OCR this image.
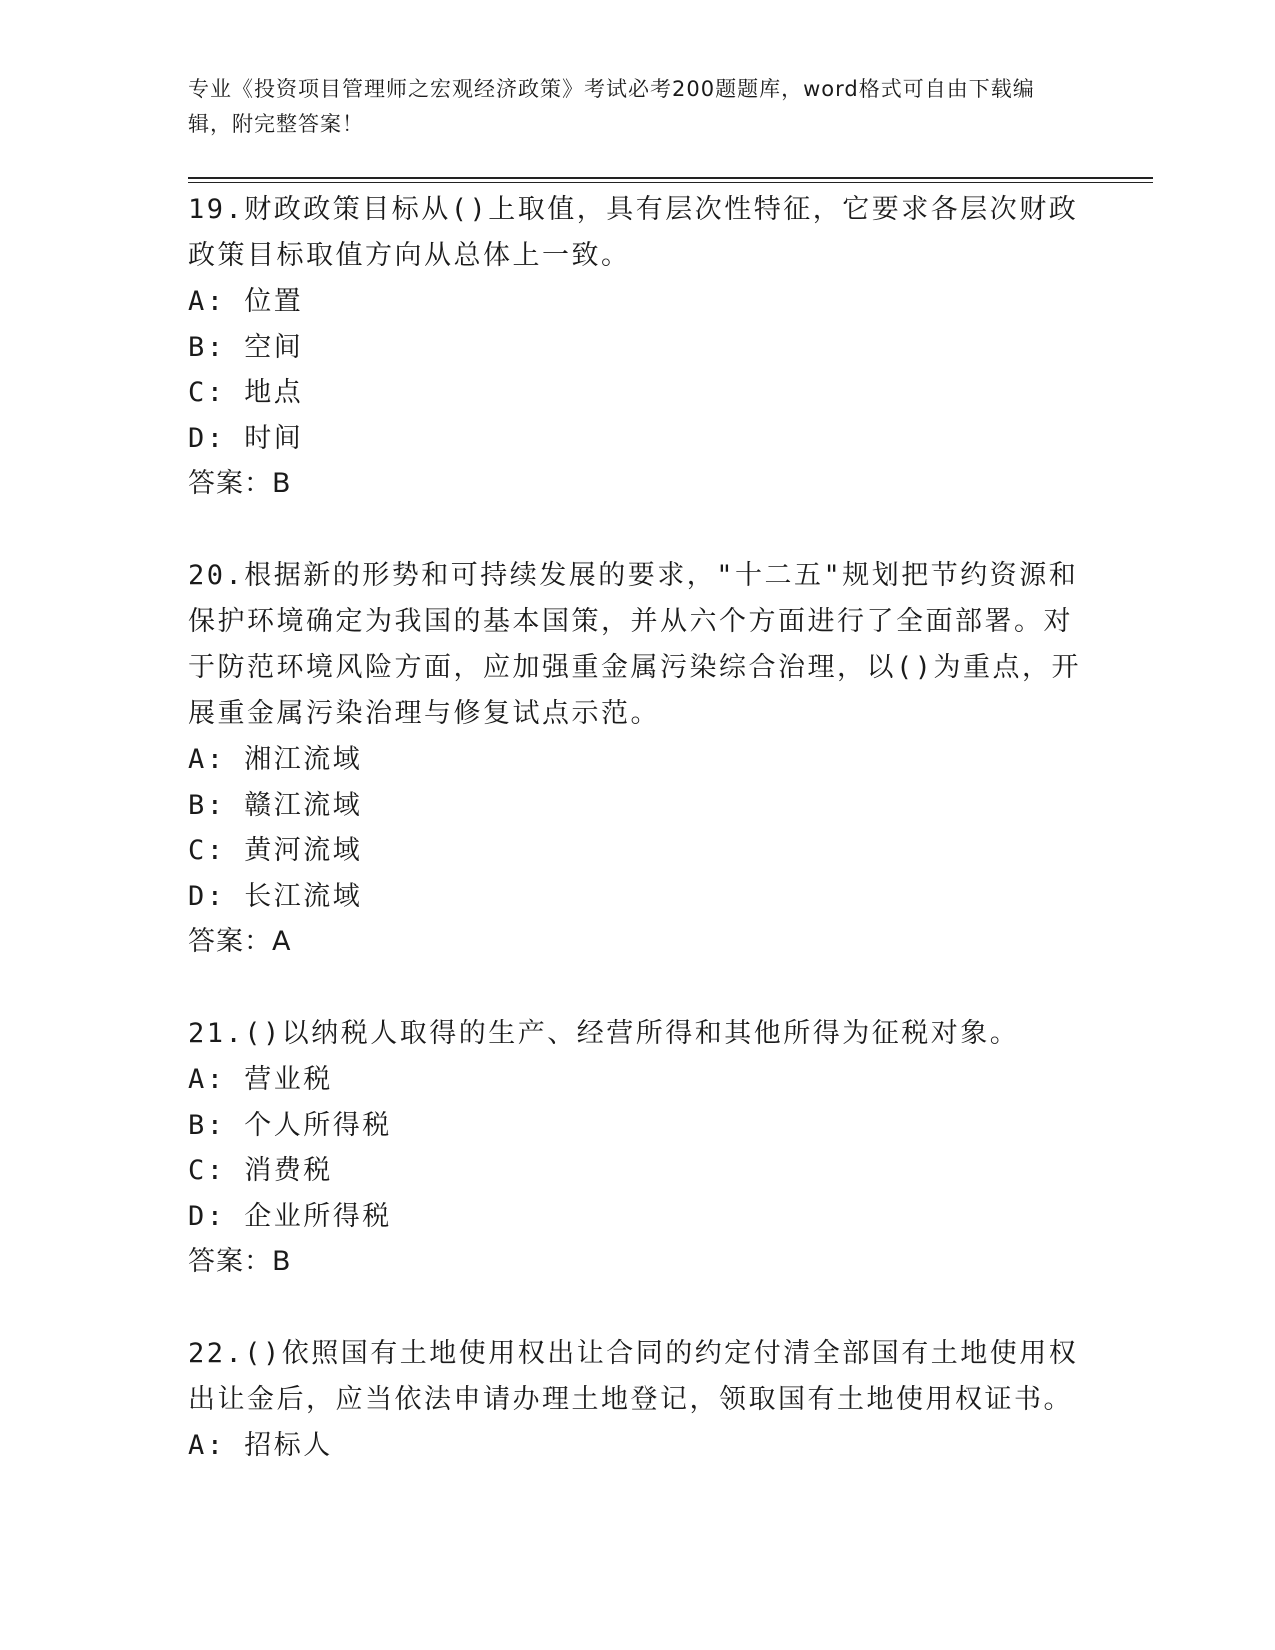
专业《投资项目管理师之宏观经济政策》考试必考200题题库，word格式可自由下载编辑，附完整答案！

19.财政政策目标从()上取值，具有层次性特征，它要求各层次财政政策目标取值方向从总体上一致。

A: 位置

B: 空间

C: 地点

D: 时间

答案：B

20.根据新的形势和可持续发展的要求，"十二五"规划把节约资源和保护环境确定为我国的基本国策，并从六个方面进行了全面部署。对于防范环境风险方面，应加强重金属污染综合治理，以()为重点，开展重金属污染治理与修复试点示范。

A: 湘江流域

B: 赣江流域

C: 黄河流域

D: 长江流域

答案：A

21.()以纳税人取得的生产、经营所得和其他所得为征税对象。

A: 营业税

B: 个人所得税

C: 消费税

D: 企业所得税

答案：B

22.()依照国有土地使用权出让合同的约定付清全部国有土地使用权出让金后，应当依法申请办理土地登记，领取国有土地使用权证书。

A: 招标人
